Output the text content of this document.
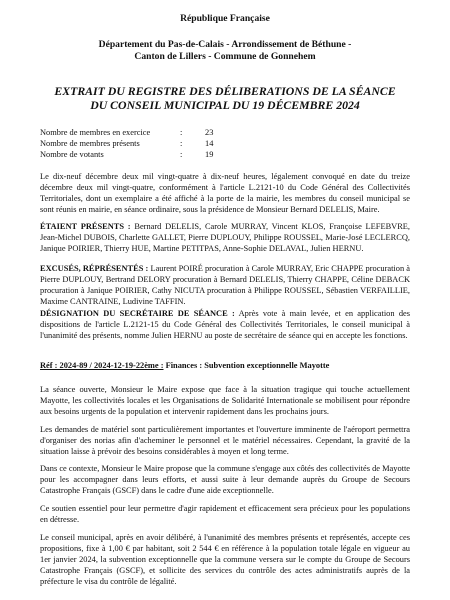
République Française
Département du Pas-de-Calais - Arrondissement de Béthune -
Canton de Lillers - Commune de Gonnehem
EXTRAIT DU REGISTRE DES DÉLIBERATIONS DE LA SÉANCE
DU CONSEIL MUNICIPAL DU 19 DÉCEMBRE 2024
Nombre de membres en exercice	:	23
Nombre de membres présents	:	14
Nombre de votants	:	19
Le dix-neuf décembre deux mil vingt-quatre à dix-neuf heures, légalement convoqué en date du treize décembre deux mil vingt-quatre, conformément à l'article L.2121-10 du Code Général des Collectivités Territoriales, dont un exemplaire a été affiché à la porte de la mairie, les membres du conseil municipal se sont réunis en mairie, en séance ordinaire, sous la présidence de Monsieur Bernard DELELIS, Maire.
ÉTAIENT PRÉSENTS : Bernard DELELIS, Carole MURRAY, Vincent KLOS, Françoise LEFEBVRE, Jean-Michel DUBOIS, Charlette GALLET, Pierre DUPLOUY, Philippe ROUSSEL, Marie-José LECLERCQ, Janique POIRIER, Thierry HUE, Martine PETITPAS, Anne-Sophie DELAVAL, Julien HERNU.
EXCUSÉS, RÉPRÉSENTÉS : Laurent POIRÉ procuration à Carole MURRAY, Eric CHAPPE procuration à Pierre DUPLOUY, Bertrand DELORY procuration à Bernard DELELIS, Thierry CHAPPE, Céline DEBACK procuration à Janique POIRIER, Cathy NICUTA procuration à Philippe ROUSSEL, Sébastien VERFAILLIE, Maxime CANTRAINE, Ludivine TAFFIN.
DÉSIGNATION DU SECRÉTAIRE DE SÉANCE : Après vote à main levée, et en application des dispositions de l'article L.2121-15 du Code Général des Collectivités Territoriales, le conseil municipal à l'unanimité des présents, nomme Julien HERNU au poste de secrétaire de séance qui en accepte les fonctions.
Réf : 2024-89 / 2024-12-19-22ème : Finances : Subvention exceptionnelle Mayotte
La séance ouverte, Monsieur le Maire expose que face à la situation tragique qui touche actuellement Mayotte, les collectivités locales et les Organisations de Solidarité Internationale se mobilisent pour répondre aux besoins urgents de la population et intervenir rapidement dans les prochains jours.
Les demandes de matériel sont particulièrement importantes et l'ouverture imminente de l'aéroport permettra d'organiser des norias afin d'acheminer le personnel et le matériel nécessaires. Cependant, la gravité de la situation laisse à prévoir des besoins considérables à moyen et long terme.
Dans ce contexte, Monsieur le Maire propose que la commune s'engage aux côtés des collectivités de Mayotte pour les accompagner dans leurs efforts, et aussi suite à leur demande auprès du Groupe de Secours Catastrophe Français (GSCF) dans le cadre d'une aide exceptionnelle.
Ce soutien essentiel pour leur permettre d'agir rapidement et efficacement sera précieux pour les populations en détresse.
Le conseil municipal, après en avoir délibéré, à l'unanimité des membres présents et représentés, accepte ces propositions, fixe à 1,00 € par habitant, soit 2 544 € en référence à la population totale légale en vigueur au 1er janvier 2024, la subvention exceptionnelle que la commune versera sur le compte du Groupe de Secours Catastrophe Français (GSCF), et sollicite des services du contrôle des actes administratifs auprès de la préfecture le visa du contrôle de légalité.
